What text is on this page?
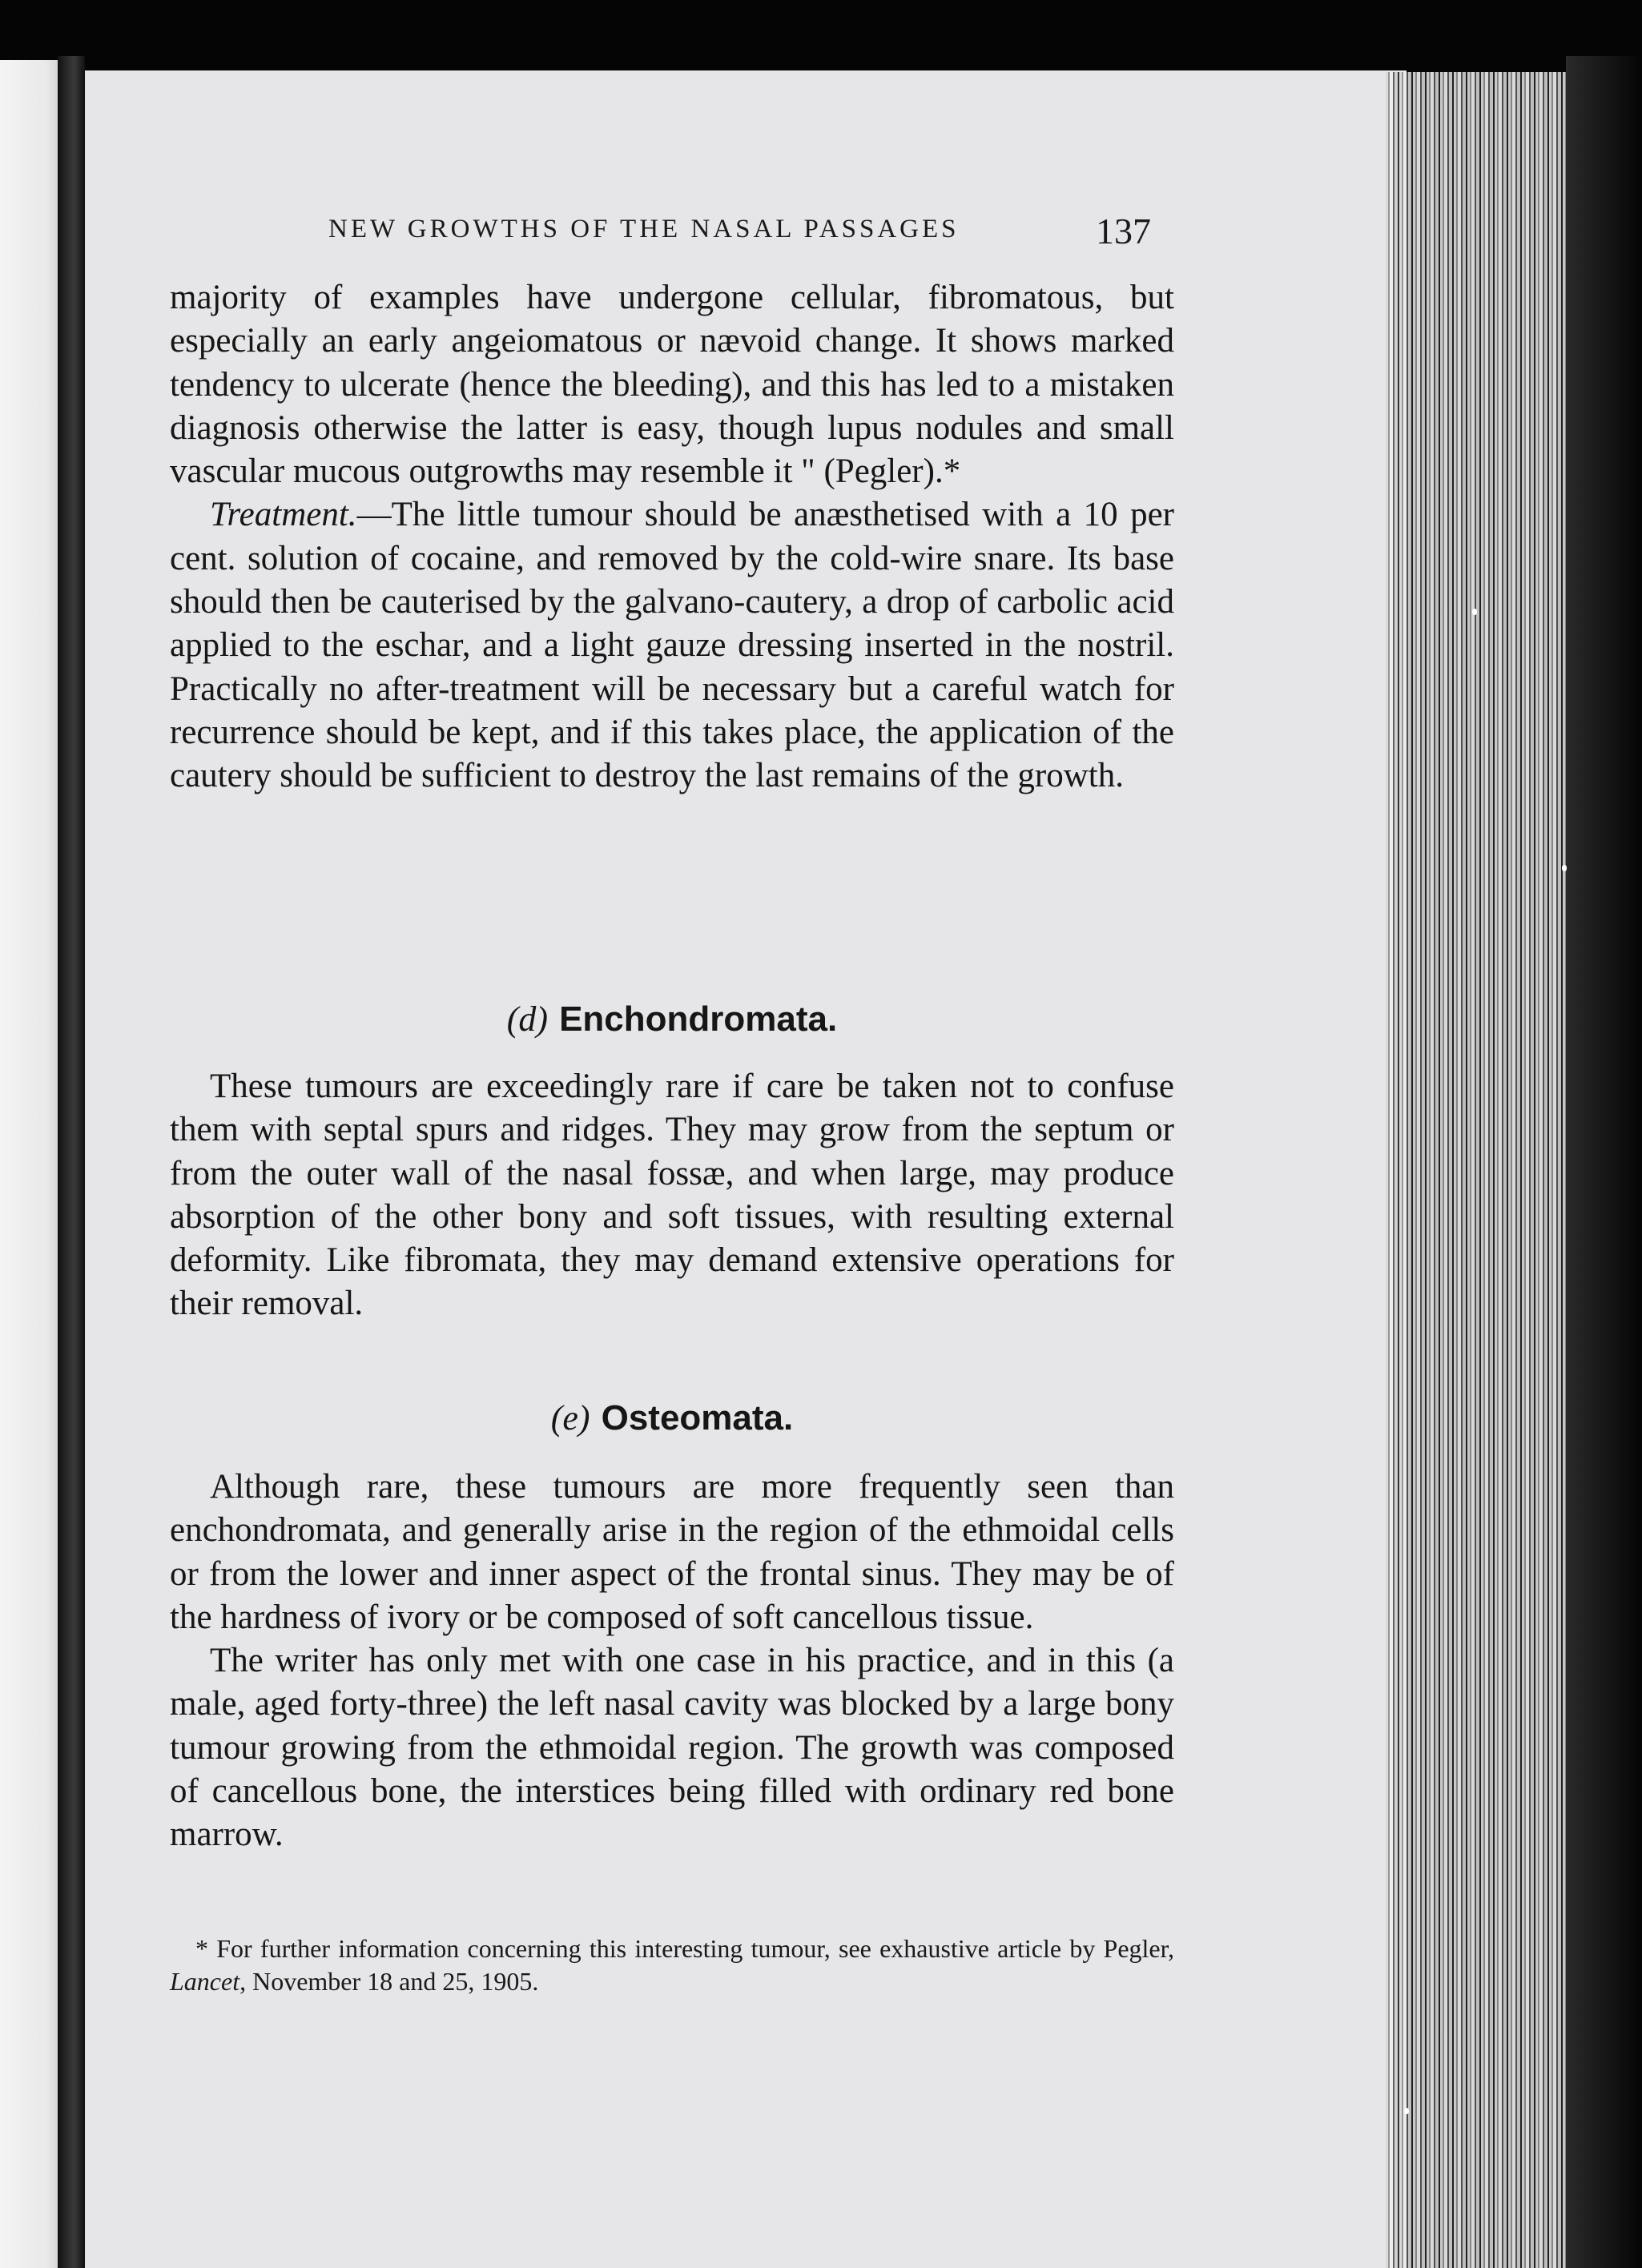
NEW GROWTHS OF THE NASAL PASSAGES	137

majority of examples have undergone cellular, fibromatous, but especially an early angeiomatous or nævoid change. It shows marked tendency to ulcerate (hence the bleeding), and this has led to a mistaken diagnosis otherwise the latter is easy, though lupus nodules and small vascular mucous outgrowths may resemble it " (Pegler).*

Treatment.—The little tumour should be anæsthetised with a 10 per cent. solution of cocaine, and removed by the cold-wire snare. Its base should then be cauterised by the galvano-cautery, a drop of carbolic acid applied to the eschar, and a light gauze dressing inserted in the nostril. Practically no after-treatment will be necessary but a careful watch for recurrence should be kept, and if this takes place, the application of the cautery should be sufficient to destroy the last remains of the growth.

(d) Enchondromata.

These tumours are exceedingly rare if care be taken not to confuse them with septal spurs and ridges. They may grow from the septum or from the outer wall of the nasal fossæ, and when large, may produce absorption of the other bony and soft tissues, with resulting external deformity. Like fibromata, they may demand extensive operations for their removal.

(e) Osteomata.

Although rare, these tumours are more frequently seen than enchondromata, and generally arise in the region of the ethmoidal cells or from the lower and inner aspect of the frontal sinus. They may be of the hardness of ivory or be composed of soft cancellous tissue.

The writer has only met with one case in his practice, and in this (a male, aged forty-three) the left nasal cavity was blocked by a large bony tumour growing from the ethmoidal region. The growth was composed of cancellous bone, the interstices being filled with ordinary red bone marrow.

* For further information concerning this interesting tumour, see exhaustive article by Pegler, Lancet, November 18 and 25, 1905.
